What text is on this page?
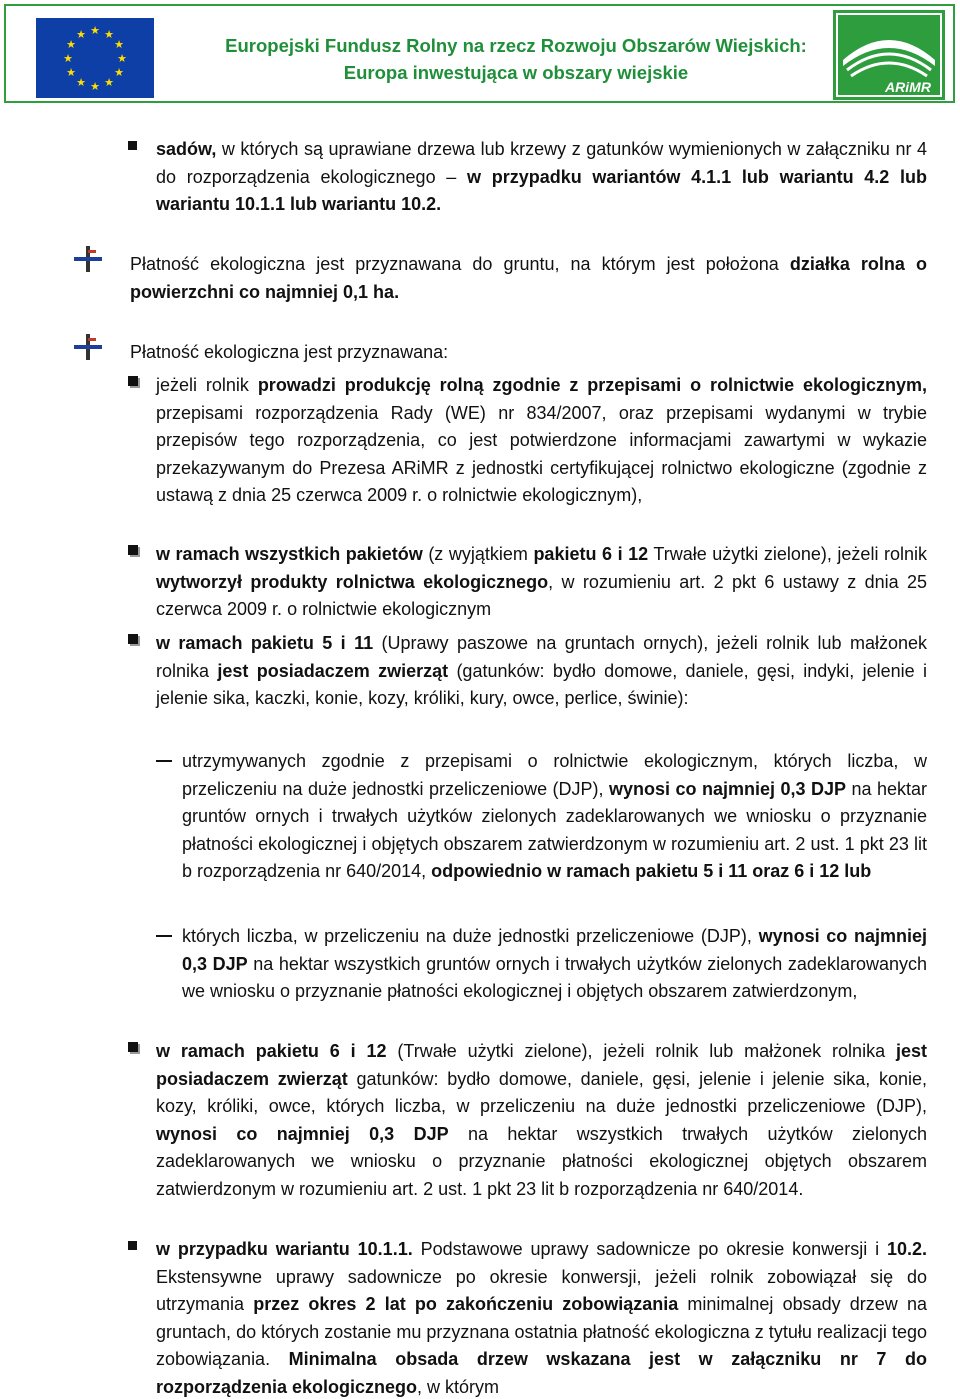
★ ★
★
★
★
★
★
★
★
★
★
★	Europejski Fundusz Rolny na rzecz Rozwoju Obszarów Wiejskich:
Europa inwestująca w obszary wiejskie
ARiMR
sadów, w których są uprawiane drzewa lub krzewy z gatunków wymienionych w załączniku nr 4 do rozporządzenia ekologicznego – w przypadku wariantów 4.1.1 lub wariantu 4.2 lub wariantu 10.1.1 lub wariantu 10.2.
Płatność ekologiczna jest przyznawana do gruntu, na którym jest położona działka rolna o powierzchni co najmniej 0,1 ha.
Płatność ekologiczna jest przyznawana:
jeżeli rolnik prowadzi produkcję rolną zgodnie z przepisami o rolnictwie ekologicznym, przepisami rozporządzenia Rady (WE) nr 834/2007, oraz przepisami wydanymi w trybie przepisów tego rozporządzenia, co jest potwierdzone informacjami zawartymi w wykazie przekazywanym do Prezesa ARiMR z jednostki certyfikującej rolnictwo ekologiczne (zgodnie z ustawą z dnia 25 czerwca 2009 r. o rolnictwie ekologicznym),
w ramach wszystkich pakietów (z wyjątkiem pakietu 6 i 12 Trwałe użytki zielone), jeżeli rolnik wytworzył produkty rolnictwa ekologicznego, w rozumieniu art. 2 pkt 6 ustawy z dnia 25 czerwca 2009 r. o rolnictwie ekologicznym
w ramach pakietu 5 i 11 (Uprawy paszowe na gruntach ornych), jeżeli rolnik lub małżonek rolnika jest posiadaczem zwierząt (gatunków: bydło domowe, daniele, gęsi, indyki, jelenie i jelenie sika, kaczki, konie, kozy, króliki, kury, owce, perlice, świnie):
utrzymywanych zgodnie z przepisami o rolnictwie ekologicznym, których liczba, w przeliczeniu na duże jednostki przeliczeniowe (DJP), wynosi co najmniej 0,3 DJP na hektar gruntów ornych i trwałych użytków zielonych zadeklarowanych we wniosku o przyznanie płatności ekologicznej i objętych obszarem zatwierdzonym w rozumieniu art. 2 ust. 1 pkt 23 lit b rozporządzenia nr 640/2014, odpowiednio w ramach pakietu 5 i 11 oraz 6 i 12 lub
których liczba, w przeliczeniu na duże jednostki przeliczeniowe (DJP), wynosi co najmniej 0,3 DJP na hektar wszystkich gruntów ornych i trwałych użytków zielonych zadeklarowanych we wniosku o przyznanie płatności ekologicznej i objętych obszarem zatwierdzonym,
w ramach pakietu 6 i 12 (Trwałe użytki zielone), jeżeli rolnik lub małżonek rolnika jest posiadaczem zwierząt gatunków: bydło domowe, daniele, gęsi, jelenie i jelenie sika, konie, kozy, króliki, owce, których liczba, w przeliczeniu na duże jednostki przeliczeniowe (DJP), wynosi co najmniej 0,3 DJP na hektar wszystkich trwałych użytków zielonych zadeklarowanych we wniosku o przyznanie płatności ekologicznej objętych obszarem zatwierdzonym w rozumieniu art. 2 ust. 1 pkt 23 lit b rozporządzenia nr 640/2014.
w przypadku wariantu 10.1.1. Podstawowe uprawy sadownicze po okresie konwersji i 10.2. Ekstensywne uprawy sadownicze po okresie konwersji, jeżeli rolnik zobowiązał się do utrzymania przez okres 2 lat po zakończeniu zobowiązania minimalnej obsady drzew na gruntach, do których zostanie mu przyznana ostatnia płatność ekologiczna z tytułu realizacji tego zobowiązania. Minimalna obsada drzew wskazana jest w załączniku nr 7 do rozporządzenia ekologicznego, w którym
